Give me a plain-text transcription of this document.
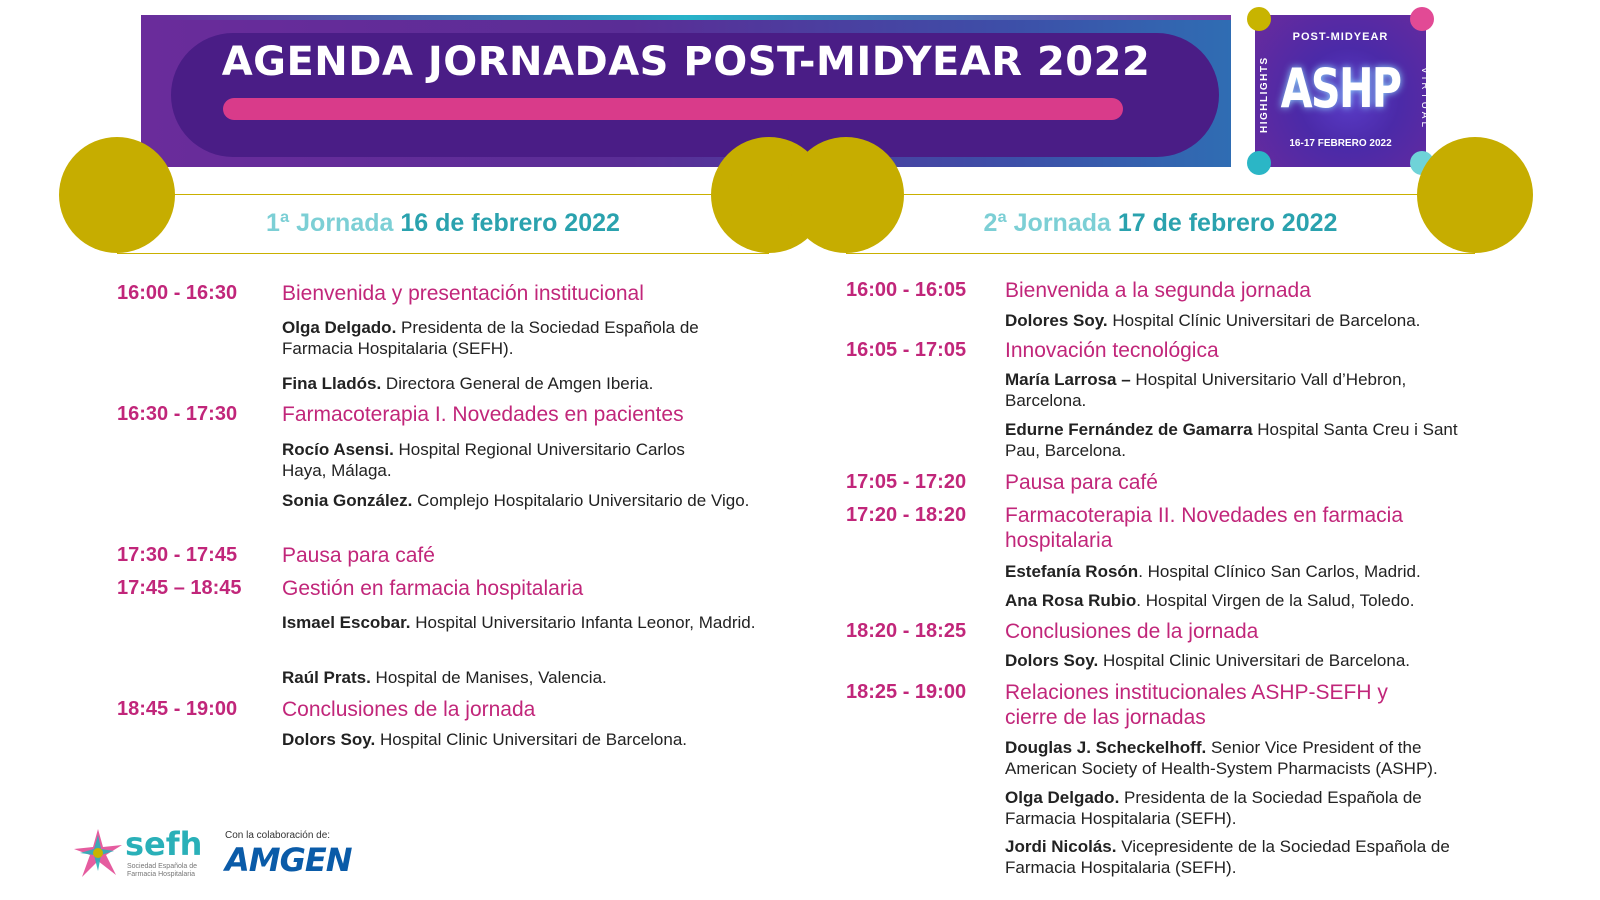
AGENDA JORNADAS POST-MIDYEAR 2022
POST-MIDYEAR
ASHP
HIGHLIGHTS	VIRTUAL
16-17 FEBRERO 2022
1ª Jornada 16 de febrero 2022	2ª Jornada 17 de febrero 2022
16:00 - 16:30 Bienvenida y presentación institucional
Olga Delgado. Presidenta de la Sociedad Española de Farmacia Hospitalaria (SEFH).
Fina Lladós. Directora General de Amgen Iberia.
16:30 - 17:30 Farmacoterapia I. Novedades en pacientes
Rocío Asensi. Hospital Regional Universitario Carlos Haya, Málaga.
Sonia González. Complejo Hospitalario Universitario de Vigo.
17:30 - 17:45 Pausa para café
17:45 – 18:45 Gestión en farmacia hospitalaria
Ismael Escobar. Hospital Universitario Infanta Leonor, Madrid.
Raúl Prats. Hospital de Manises, Valencia.
18:45 - 19:00 Conclusiones de la jornada
Dolors Soy. Hospital Clinic Universitari de Barcelona.
16:00 - 16:05 Bienvenida a la segunda jornada
Dolores Soy. Hospital Clínic Universitari de Barcelona.
16:05 - 17:05 Innovación tecnológica
María Larrosa – Hospital Universitario Vall d’Hebron, Barcelona.
Edurne Fernández de Gamarra Hospital Santa Creu i Sant Pau, Barcelona.
17:05 - 17:20 Pausa para café
17:20 - 18:20 Farmacoterapia II. Novedades en farmacia hospitalaria
Estefanía Rosón. Hospital Clínico San Carlos, Madrid.
Ana Rosa Rubio. Hospital Virgen de la Salud, Toledo.
18:20 - 18:25 Conclusiones de la jornada
Dolors Soy. Hospital Clinic Universitari de Barcelona.
18:25 - 19:00 Relaciones institucionales ASHP-SEFH y cierre de las jornadas
Douglas J. Scheckelhoff. Senior Vice President of the American Society of Health-System Pharmacists (ASHP).
Olga Delgado. Presidenta de la Sociedad Española de Farmacia Hospitalaria (SEFH).
Jordi Nicolás. Vicepresidente de la Sociedad Española de Farmacia Hospitalaria (SEFH).
sefh
Sociedad Española de Farmacia Hospitalaria
Con la colaboración de:
AMGEN
